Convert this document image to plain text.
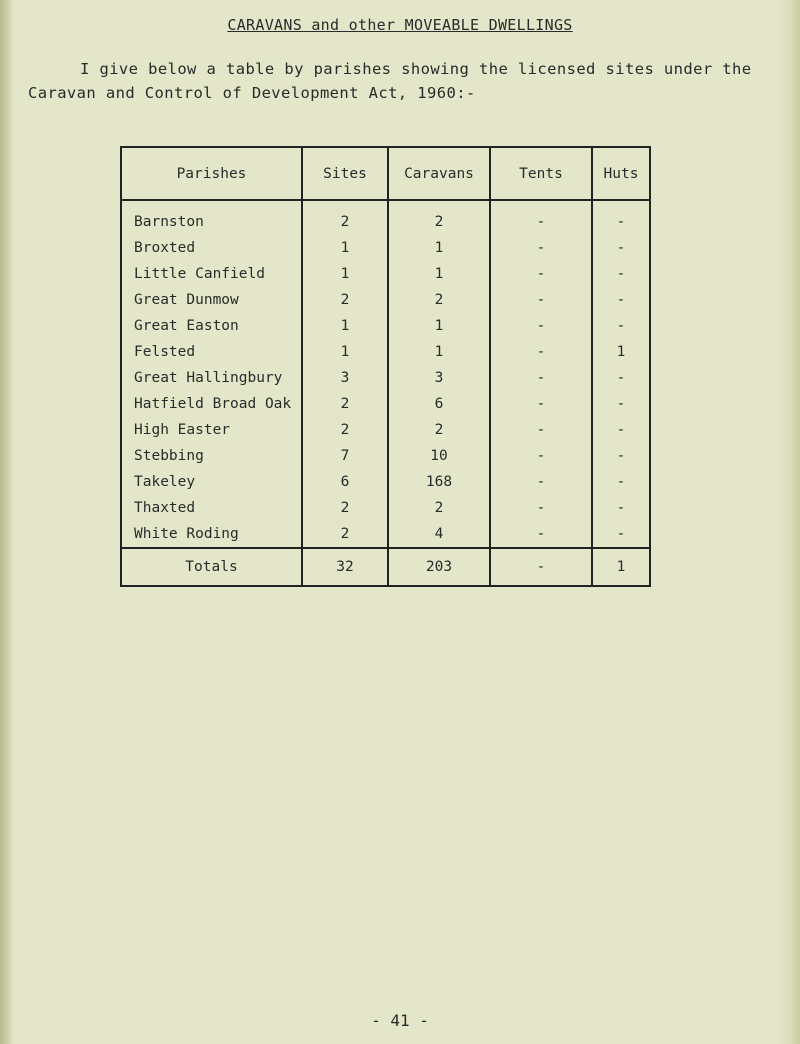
CARAVANS and other MOVEABLE DWELLINGS
I give below a table by parishes showing the licensed sites under the
Caravan and Control of Development Act, 1960:-
Parishes	Sites	Caravans	Tents	Huts
Barnston	2	2	-	-
Broxted	1	1	-	-
Little Canfield	1	1	-	-
Great Dunmow	2	2	-	-
Great Easton	1	1	-	-
Felsted	1	1	-	1
Great Hallingbury	3	3	-	-
Hatfield Broad Oak	2	6	-	-
High Easter	2	2	-	-
Stebbing	7	10	-	-
Takeley	6	168	-	-
Thaxted	2	2	-	-
White Roding	2	4	-	-
Totals	32	203	-	1
- 41 -
